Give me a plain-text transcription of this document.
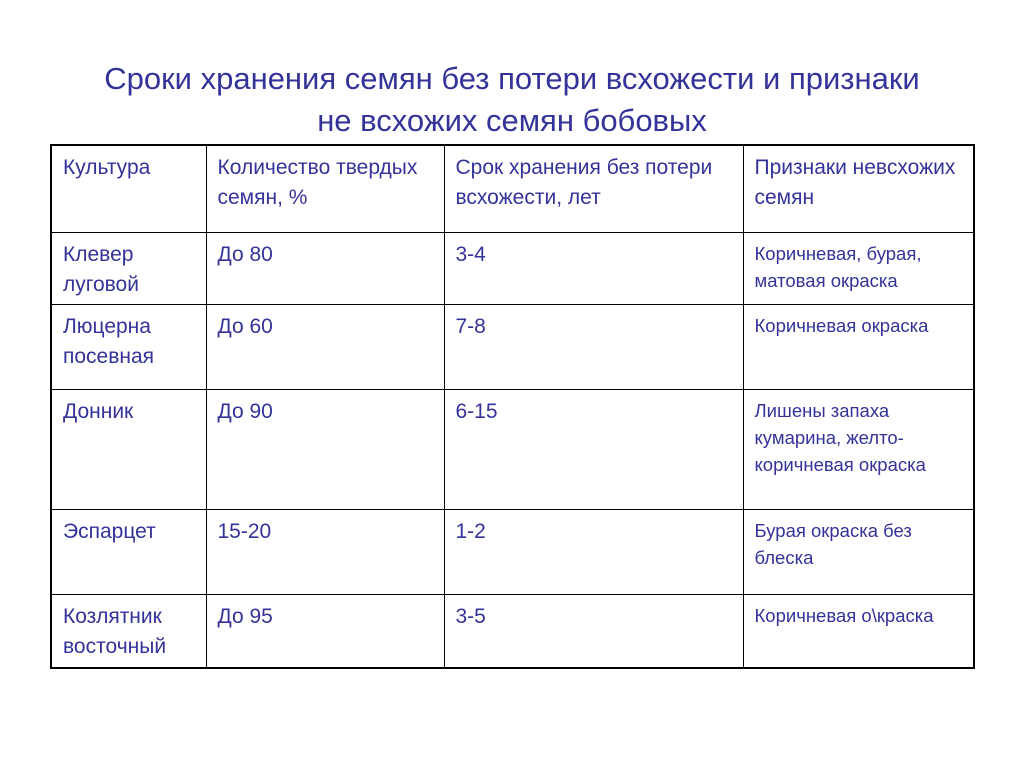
Сроки хранения семян без потери всхожести и признаки
не всхожих семян бобовых
Культура	Количество твердых семян, %	Срок хранения без потери всхожести, лет	Признаки невсхожих семян
Клевер луговой	До 80	3-4	Коричневая, бурая, матовая окраска
Люцерна посевная	До 60	7-8	Коричневая окраска
Донник	До 90	6-15	Лишены запаха кумарина, желто-коричневая окраска
Эспарцет	15-20	1-2	Бурая окраска без блеска
Козлятник восточный	До 95	3-5	Коричневая о\краска
